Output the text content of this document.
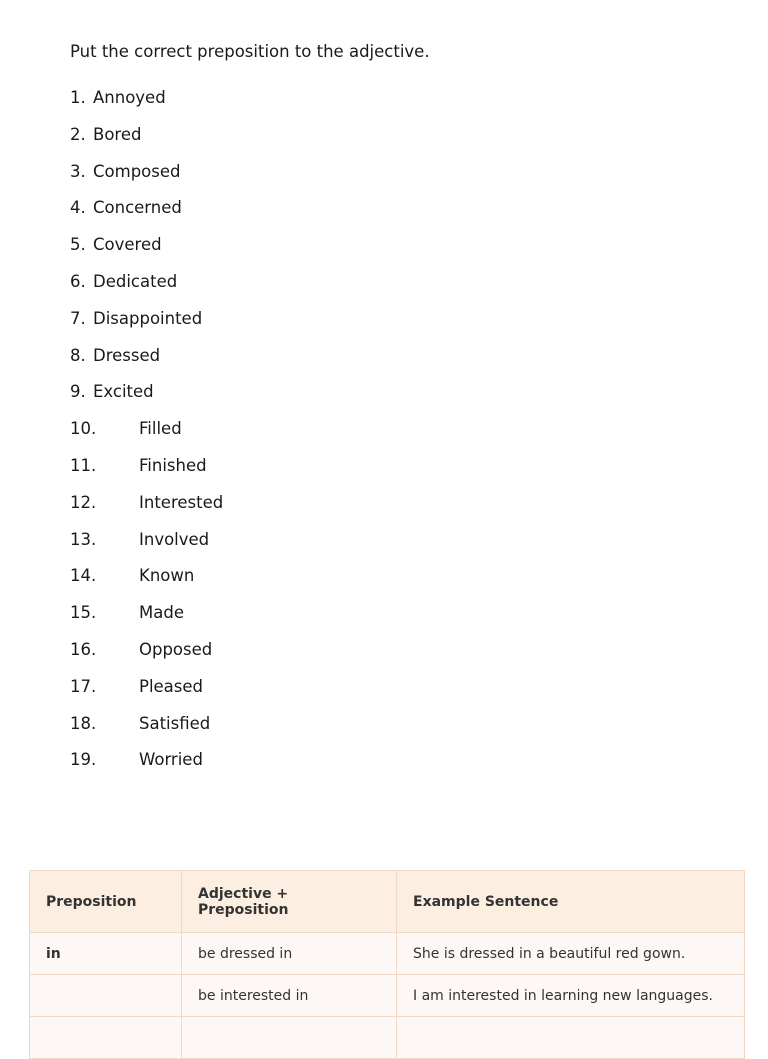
Put the correct preposition to the adjective.
1. Annoyed
2. Bored
3. Composed
4. Concerned
5. Covered
6. Dedicated
7. Disappointed
8. Dressed
9. Excited
10.	Filled
11.	Finished
12.	Interested
13.	Involved
14.	Known
15.	Made
16.	Opposed
17.	Pleased
18.	Satisfied
19.	Worried
Preposition	Adjective + Preposition	Example Sentence
in	be dressed in	She is dressed in a beautiful red gown.
	be interested in	I am interested in learning new languages.
